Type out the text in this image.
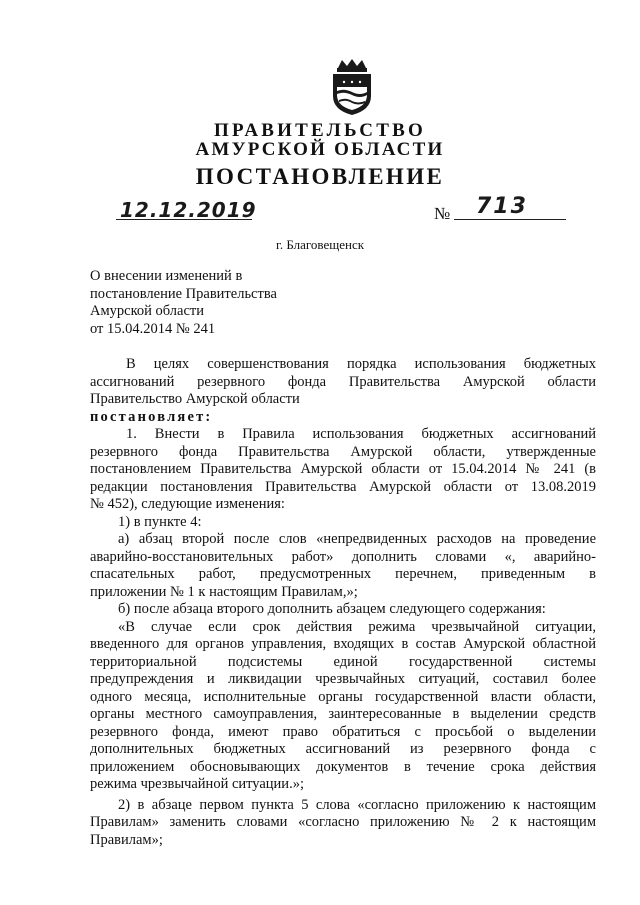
ПРАВИТЕЛЬСТВО
АМУРСКОЙ ОБЛАСТИ
ПОСТАНОВЛЕНИЕ
12.12.2019	№ 713
г. Благовещенск
О внесении изменений в
постановление Правительства
Амурской области
от 15.04.2014 № 241
В целях совершенствования порядка использования бюджетных
ассигнований резервного фонда Правительства Амурской области
Правительство Амурской области
постановляет:
1. Внести в Правила использования бюджетных ассигнований
резервного фонда Правительства Амурской области, утвержденные
постановлением Правительства Амурской области от 15.04.2014 № 241 (в
редакции постановления Правительства Амурской области от 13.08.2019
№ 452), следующие изменения:
1) в пункте 4:
а) абзац второй после слов «непредвиденных расходов на проведение
аварийно-восстановительных работ» дополнить словами «, аварийно-
спасательных работ, предусмотренных перечнем, приведенным в
приложении № 1 к настоящим Правилам,»;
б) после абзаца второго дополнить абзацем следующего содержания:
«В случае если срок действия режима чрезвычайной ситуации,
введенного для органов управления, входящих в состав Амурской областной
территориальной подсистемы единой государственной системы
предупреждения и ликвидации чрезвычайных ситуаций, составил более
одного месяца, исполнительные органы государственной власти области,
органы местного самоуправления, заинтересованные в выделении средств
резервного фонда, имеют право обратиться с просьбой о выделении
дополнительных бюджетных ассигнований из резервного фонда с
приложением обосновывающих документов в течение срока действия
режима чрезвычайной ситуации.»;
2) в абзаце первом пункта 5 слова «согласно приложению к настоящим
Правилам» заменить словами «согласно приложению № 2 к настоящим
Правилам»;
